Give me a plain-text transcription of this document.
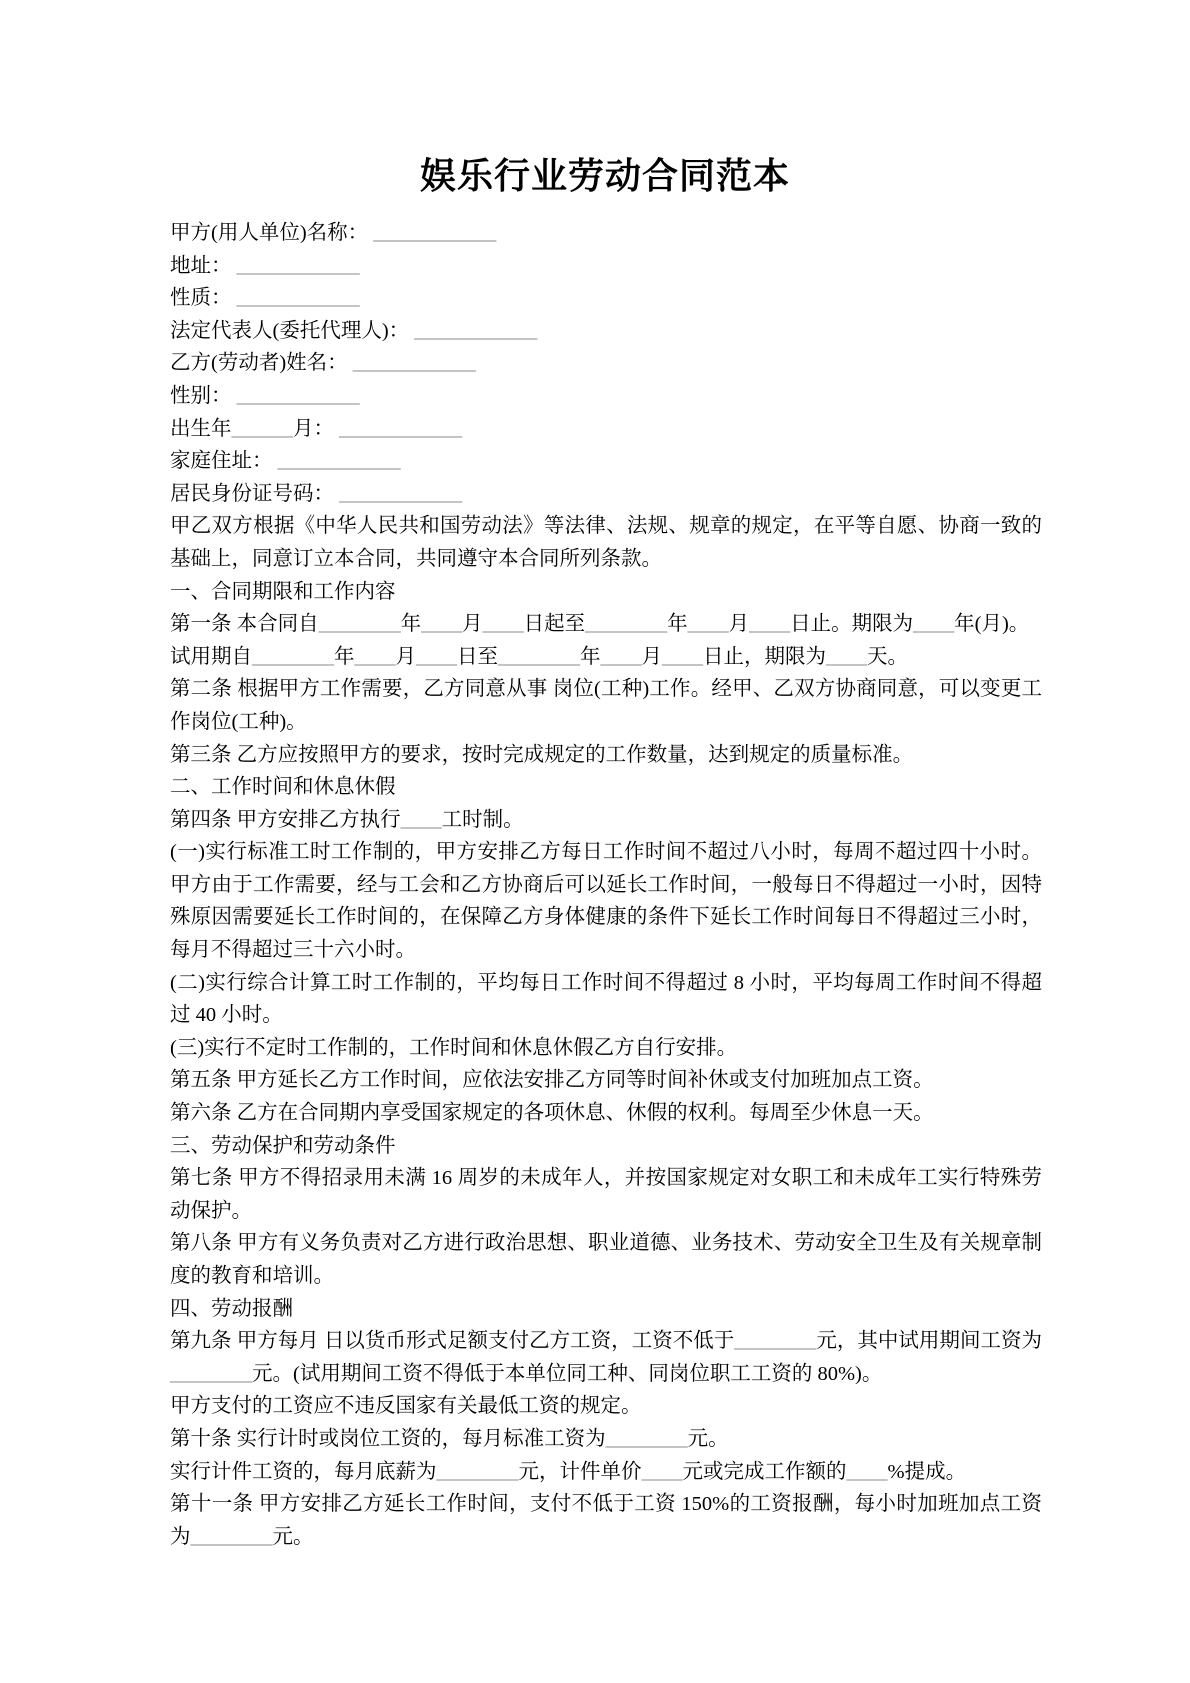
娱乐行业劳动合同范本

甲方(用人单位)名称： ____________

地址： ____________

性质： ____________

法定代表人(委托代理人)： ____________

乙方(劳动者)姓名： ____________

性别： ____________

出生年______月： ____________

家庭住址： ____________

居民身份证号码： ____________

甲乙双方根据《中华人民共和国劳动法》等法律、法规、规章的规定，在平等自愿、协商一致的基础上，同意订立本合同，共同遵守本合同所列条款。

一、合同期限和工作内容

第一条 本合同自________年____月____日起至________年____月____日止。期限为____年(月)。

试用期自________年____月____日至________年____月____日止，期限为____天。

第二条 根据甲方工作需要，乙方同意从事 岗位(工种)工作。经甲、乙双方协商同意，可以变更工作岗位(工种)。

第三条 乙方应按照甲方的要求，按时完成规定的工作数量，达到规定的质量标准。

二、工作时间和休息休假

第四条 甲方安排乙方执行____工时制。

(一)实行标准工时工作制的，甲方安排乙方每日工作时间不超过八小时，每周不超过四十小时。甲方由于工作需要，经与工会和乙方协商后可以延长工作时间，一般每日不得超过一小时，因特殊原因需要延长工作时间的，在保障乙方身体健康的条件下延长工作时间每日不得超过三小时，每月不得超过三十六小时。

(二)实行综合计算工时工作制的，平均每日工作时间不得超过 8 小时，平均每周工作时间不得超过 40 小时。

(三)实行不定时工作制的，工作时间和休息休假乙方自行安排。

第五条 甲方延长乙方工作时间，应依法安排乙方同等时间补休或支付加班加点工资。

第六条 乙方在合同期内享受国家规定的各项休息、休假的权利。每周至少休息一天。

三、劳动保护和劳动条件

第七条 甲方不得招录用未满 16 周岁的未成年人，并按国家规定对女职工和未成年工实行特殊劳动保护。

第八条 甲方有义务负责对乙方进行政治思想、职业道德、业务技术、劳动安全卫生及有关规章制度的教育和培训。

四、劳动报酬

第九条 甲方每月 日以货币形式足额支付乙方工资，工资不低于________元，其中试用期间工资为________元。(试用期间工资不得低于本单位同工种、同岗位职工工资的 80%)。

甲方支付的工资应不违反国家有关最低工资的规定。

第十条 实行计时或岗位工资的，每月标准工资为________元。

实行计件工资的，每月底薪为________元，计件单价____元或完成工作额的____%提成。

第十一条 甲方安排乙方延长工作时间，支付不低于工资 150%的工资报酬，每小时加班加点工资为________元。
